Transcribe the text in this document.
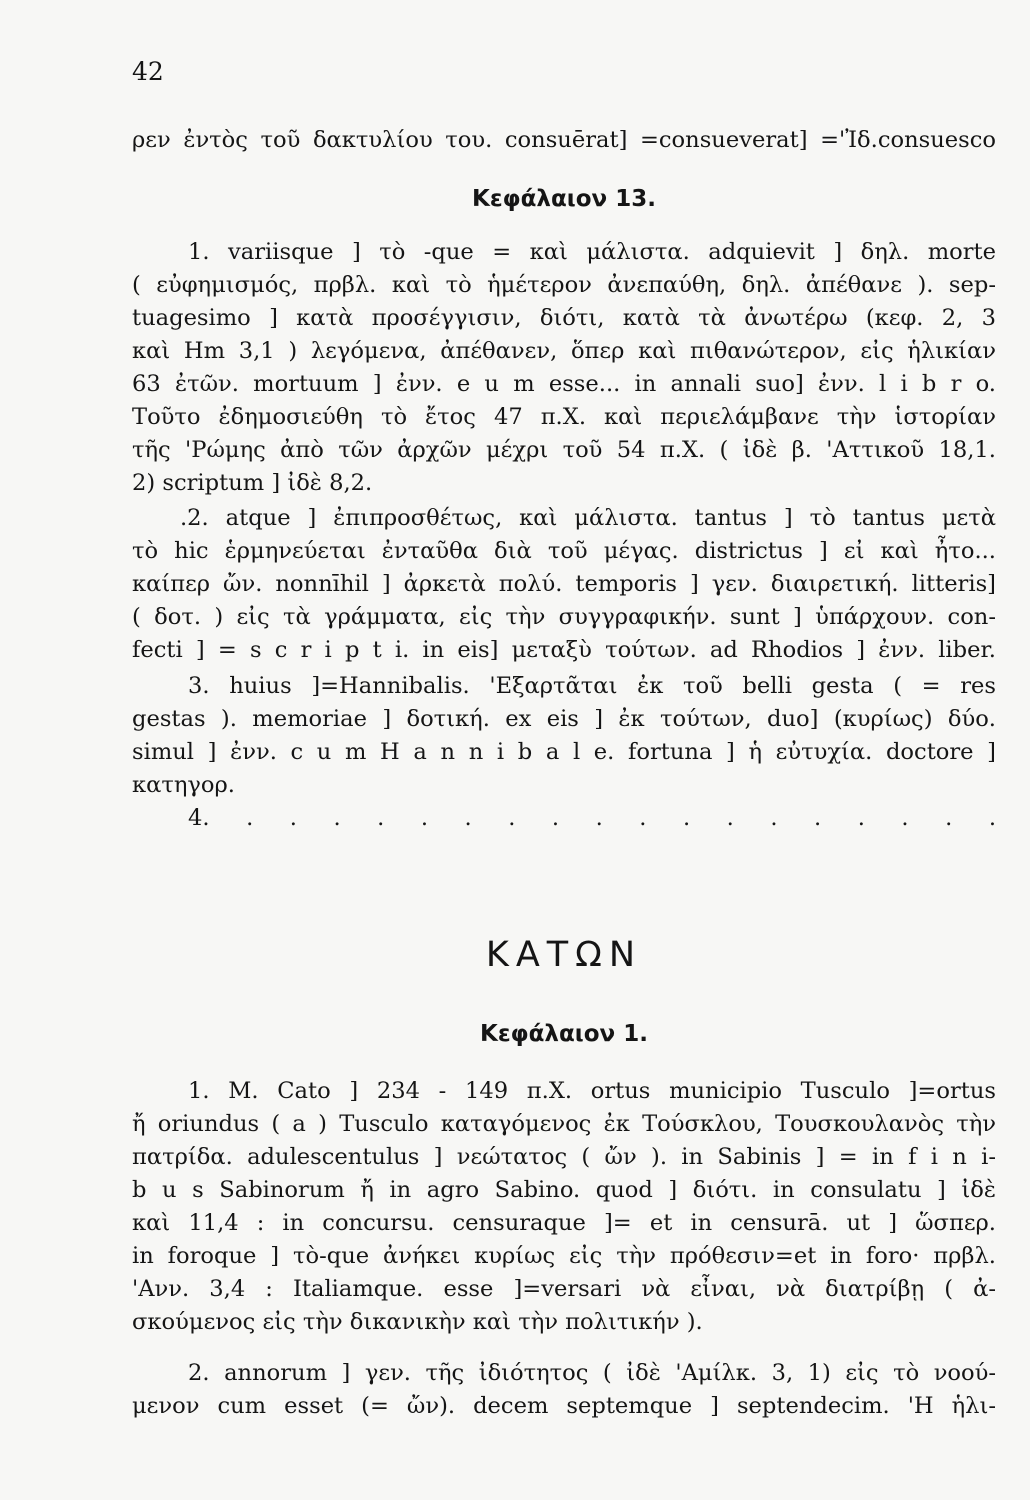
42
ρεν ἐντὸς τοῦ δακτυλίου του. consuērat] =consueverat] ='Ἰδ.consuesco
Κεφάλαιον 13.
1. variisque ] τὸ -que = καὶ μάλιστα. adquievit ] δηλ. morte
( εὐφημισμός, πρβλ. καὶ τὸ ἡμέτερον ἀνεπαύθη, δηλ. ἀπέθανε ). sep-
tuagesimo ] κατὰ προσέγγισιν, διότι, κατὰ τὰ ἀνωτέρω (κεφ. 2, 3
καὶ Hm 3,1 ) λεγόμενα, ἀπέθανεν, ὅπερ καὶ πιθανώτερον, εἰς ἡλικίαν
63 ἐτῶν. mortuum ] ἐνν. e u m esse... in annali suo] ἐνν. l i b r o.
Τοῦτο ἐδημοσιεύθη τὸ ἔτος 47 π.Χ. καὶ περιελάμβανε τὴν ἱστορίαν
τῆς 'Ρώμης ἀπὸ τῶν ἀρχῶν μέχρι τοῦ 54 π.Χ. ( ἰδὲ β. 'Αττικοῦ 18,1.
2) scriptum ] ἰδὲ 8,2.
.2. atque ] ἐπιπροσθέτως, καὶ μάλιστα. tantus ] τὸ tantus μετὰ
τὸ hic ἑρμηνεύεται ἐνταῦθα διὰ τοῦ μέγας. districtus ] εἰ καὶ ἦτο...
καίπερ ὤν. nonnīhil ] ἀρκετὰ πολύ. temporis ] γεν. διαιρετική. litteris]
( δοτ. ) εἰς τὰ γράμματα, εἰς τὴν συγγραφικήν. sunt ] ὑπάρχουν. con-
fecti ] = s c r i p t i. in eis] μεταξὺ τούτων. ad Rhodios ] ἐνν. liber.
3. huius ]=Hannibalis. 'Εξαρτᾶται ἐκ τοῦ belli gesta ( = res
gestas ). memoriae ] δοτική. ex eis ] ἐκ τούτων, duo] (κυρίως) δύο.
simul ] ἐνν. c u m H a n n i b a l e. fortuna ] ἡ εὐτυχία. doctore ]
κατηγορ.
4. . . . . . . . . . . . . . . . . . .
ΚΑΤΩΝ
Κεφάλαιον 1.
1. M. Cato ] 234 - 149 π.Χ. ortus municipio Tusculo ]=ortus
ἤ oriundus ( a ) Tusculo καταγόμενος ἐκ Τούσκλου, Τουσκουλανὸς τὴν
πατρίδα. adulescentulus ] νεώτατος ( ὤν ). in Sabinis ] = in f i n i-
b u s Sabinorum ἤ in agro Sabino. quod ] διότι. in consulatu ] ἰδὲ
καὶ 11,4 : in concursu. censuraque ]= et in censurā. ut ] ὥσπερ.
in foroque ] τὸ-que ἀνήκει κυρίως εἰς τὴν πρόθεσιν=et in foro· πρβλ.
'Ανν. 3,4 : Italiamque. esse ]=versari νὰ εἶναι, νὰ διατρίβῃ ( ἀ-
σκούμενος εἰς τὴν δικανικὴν καὶ τὴν πολιτικήν ).
2. annorum ] γεν. τῆς ἰδιότητος ( ἰδὲ 'Αμίλκ. 3, 1) εἰς τὸ νοού-
μενον cum esset (= ὤν). decem septemque ] septendecim. 'Η ἡλι-
